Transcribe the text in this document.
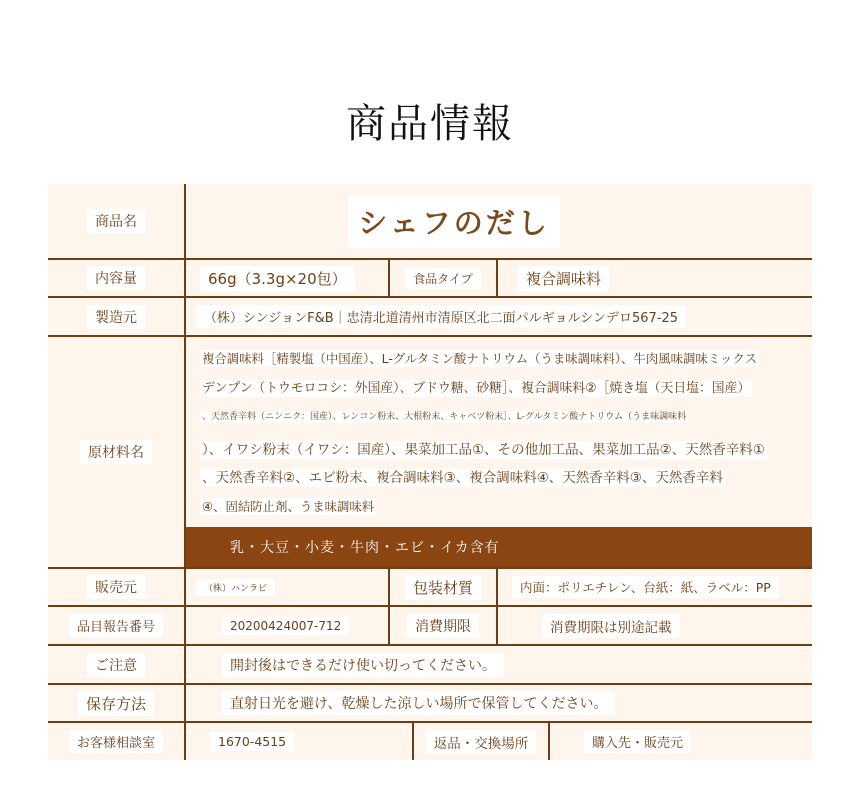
商品情報
商品名	シェフのだし
内容量	66g（3.3g×20包）	食品タイプ	複合調味料
製造元	（株）シンジョンF&B｜忠清北道清州市清原区北二面パルギョルシンデロ567-25
原材料名
複合調味料［精製塩（中国産）、L-グルタミン酸ナトリウム（うま味調味料）、牛肉風味調味ミックス
デンプン（トウモロコシ：外国産）、ブドウ糖、砂糖］、複合調味料②［焼き塩（天日塩：国産）
、天然香辛料（ニンニク：国産）、レンコン粉末、大根粉末、キャベツ粉末］、L-グルタミン酸ナトリウム（うま味調味料
）、イワシ粉末（イワシ：国産）、果菜加工品①、その他加工品、果菜加工品②、天然香辛料①
、天然香辛料②、エビ粉末、複合調味料③、複合調味料④、天然香辛料③、天然香辛料
④、固結防止剤、うま味調味料
乳・大豆・小麦・牛肉・エビ・イカ含有
販売元	（株）ハンラビ	包装材質	内面：ポリエチレン、台紙：紙、ラベル：PP
品目報告番号	20200424007-712	消費期限	消費期限は別途記載
ご注意	開封後はできるだけ使い切ってください。
保存方法	直射日光を避け、乾燥した涼しい場所で保管してください。
お客様相談室	1670-4515	返品・交換場所	購入先・販売元
